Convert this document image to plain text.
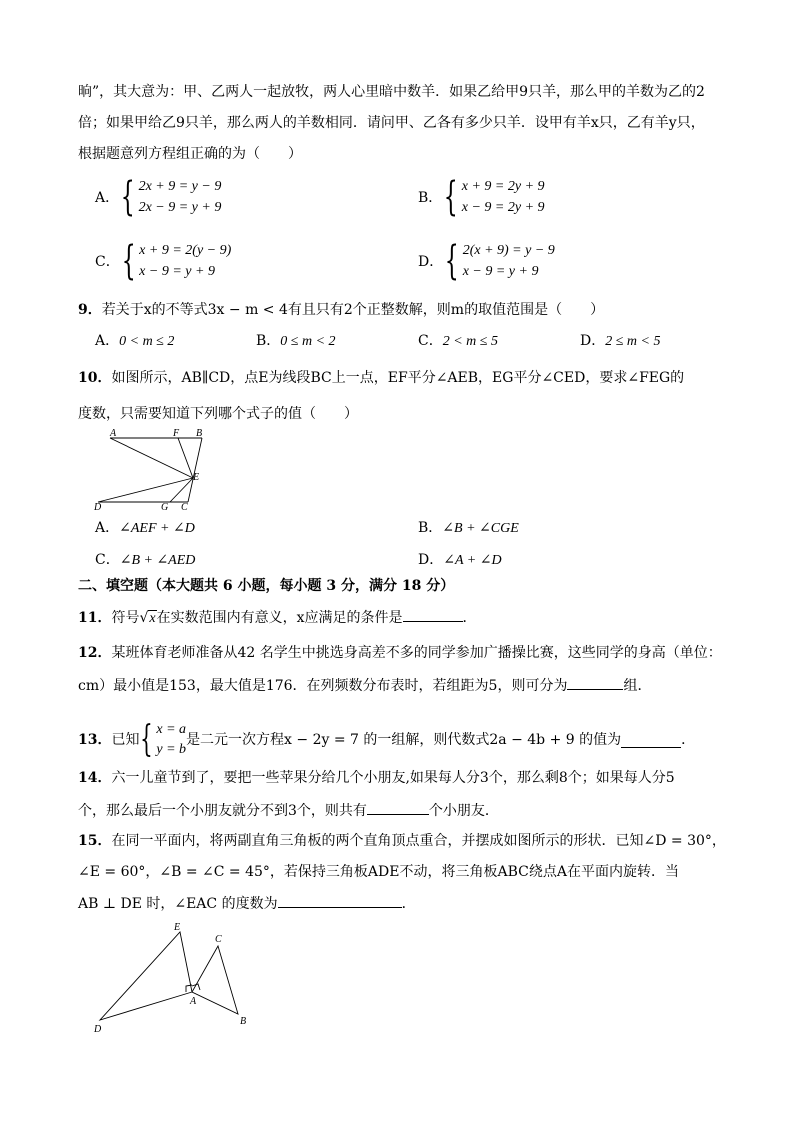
晌”，其大意为：甲、乙两人一起放牧，两人心里暗中数羊．如果乙给甲9只羊，那么甲的羊数为乙的2
倍；如果甲给乙9只羊，那么两人的羊数相同．请问甲、乙各有多少只羊．设甲有羊x只，乙有羊y只，
根据题意列方程组正确的为（　　）
A． { 2x + 9 = y − 9
2x − 9 = y + 9
B． { x + 9 = 2y + 9
x − 9 = 2y + 9
C． { x + 9 = 2(y − 9)
x − 9 = y + 9
D． { 2(x + 9) = y − 9
x − 9 = y + 9
9．若关于x的不等式3x − m < 4有且只有2个正整数解，则m的取值范围是（　　）
A．0 < m ≤ 2	B．0 ≤ m < 2	C．2 < m ≤ 5	D．2 ≤ m < 5
10．如图所示，AB∥CD，点E为线段BC上一点，EF平分∠AEB，EG平分∠CED，要求∠FEG的
度数，只需要知道下列哪个式子的值（　　）
A	F B
E
D	G C
A．∠AEF + ∠D	B．∠B + ∠CGE
C．∠B + ∠AED	D．∠A + ∠D
二、填空题（本大题共 6 小题，每小题 3 分，满分 18 分）
11．符号√x在实数范围内有意义，x应满足的条件是	．
12．某班体育老师准备从42 名学生中挑选身高差不多的同学参加广播操比赛，这些同学的身高（单位：
cm）最小值是153，最大值是176．在列频数分布表时，若组距为5，则可分为	组．
13． 已知 { x = a
y = b
是二元一次方程x − 2y = 7 的一组解，则代数式2a − 4b + 9 的值为	．
14．六一儿童节到了，要把一些苹果分给几个小朋友,如果每人分3个，那么剩8个；如果每人分5
个，那么最后一个小朋友就分不到3个，则共有	个小朋友．
15．在同一平面内，将两副直角三角板的两个直角顶点重合，并摆成如图所示的形状．已知∠D = 30°，
∠E = 60°，∠B = ∠C = 45°，若保持三角板ADE不动，将三角板ABC绕点A在平面内旋转．当
AB ⊥ DE 时，∠EAC 的度数为	．
E
C
A
D
B
